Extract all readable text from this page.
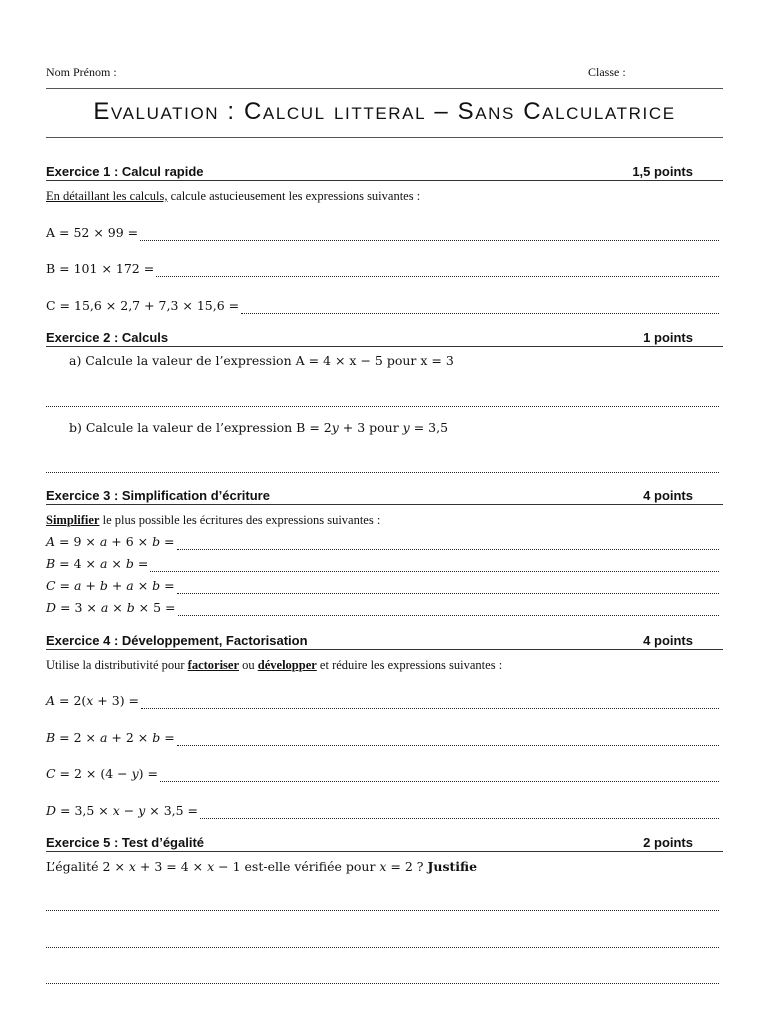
Nom Prénom :	Classe :
Evaluation : Calcul litteral – Sans Calculatrice
Exercice 1 : Calcul rapide	1,5 points
En détaillant les calculs, calcule astucieusement les expressions suivantes :
A = 52 × 99 =
B = 101 × 172 =
C = 15,6 × 2,7 + 7,3 × 15,6 =
Exercice 2 : Calculs	1 points
a) Calcule la valeur de l’expression A = 4 × x − 5 pour x = 3
b) Calcule la valeur de l’expression B = 2𝑦 + 3 pour 𝑦 = 3,5
Exercice 3 : Simplification d’écriture	4 points
Simplifier le plus possible les écritures des expressions suivantes :
𝐴 = 9 × 𝑎 + 6 × 𝑏 =
𝐵 = 4 × 𝑎 × 𝑏 =
𝐶 = 𝑎 + 𝑏 + 𝑎 × 𝑏 =
𝐷 = 3 × 𝑎 × 𝑏 × 5 =
Exercice 4 : Développement, Factorisation	4 points
Utilise la distributivité pour factoriser ou développer et réduire les expressions suivantes :
𝐴 = 2(𝑥 + 3) =
𝐵 = 2 × 𝑎 + 2 × 𝑏 =
𝐶 = 2 × (4 − 𝑦) =
𝐷 = 3,5 × 𝑥 − 𝑦 × 3,5 =
Exercice 5 : Test d’égalité	2 points
L’égalité 2 × 𝑥 + 3 = 4 × 𝑥 − 1 est-elle vérifiée pour 𝑥 = 2 ? Justifie
